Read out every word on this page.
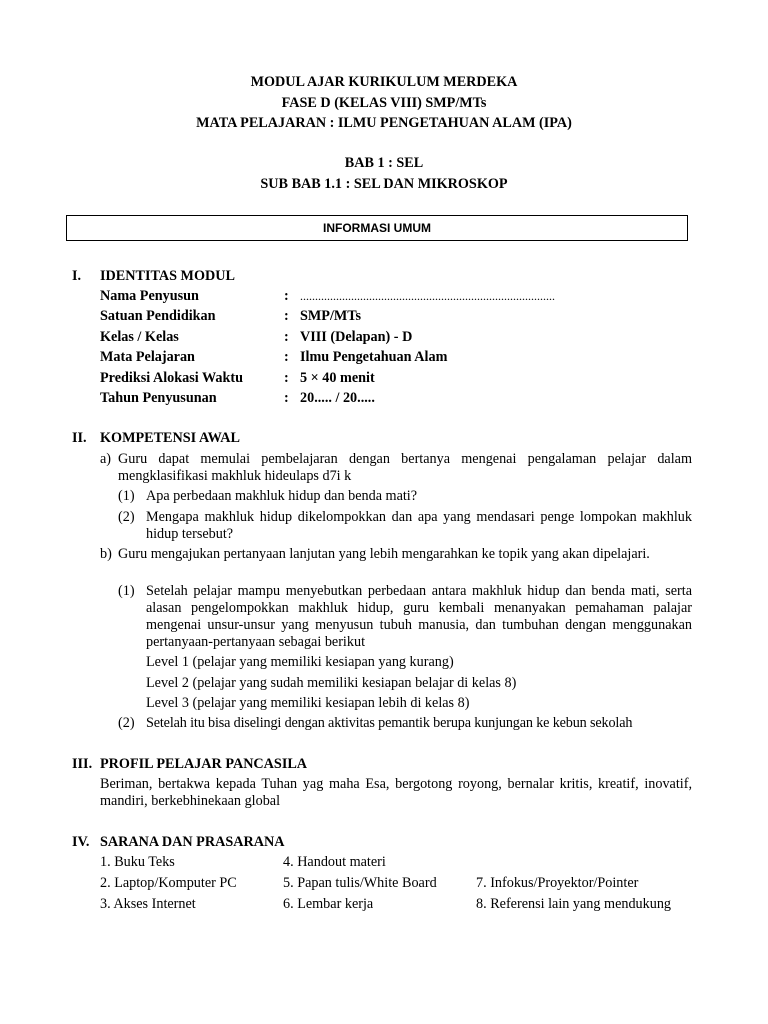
MODUL AJAR KURIKULUM MERDEKA
FASE D (KELAS VIII) SMP/MTs
MATA PELAJARAN : ILMU PENGETAHUAN ALAM (IPA)
BAB 1 : SEL
SUB BAB 1.1 : SEL DAN MIKROSKOP
INFORMASI UMUM
I. IDENTITAS MODUL
Nama Penyusun	: .....................................................................................
Satuan Pendidikan	: SMP/MTs
Kelas / Kelas	: VIII (Delapan) - D
Mata Pelajaran	: Ilmu Pengetahuan Alam
Prediksi Alokasi Waktu	: 5 × 40 menit
Tahun Penyusunan	: 20..... / 20.....
II. KOMPETENSI AWAL
a) Guru dapat memulai pembelajaran dengan bertanya mengenai pengalaman pelajar dalam mengklasifikasi makhluk hideulaps d7i k
(1) Apa perbedaan makhluk hidup dan benda mati?
(2) Mengapa makhluk hidup dikelompokkan dan apa yang mendasari penge lompokan makhluk hidup tersebut?
b) Guru mengajukan pertanyaan lanjutan yang lebih mengarahkan ke topik yang akan dipelajari.
(1) Setelah pelajar mampu menyebutkan perbedaan antara makhluk hidup dan benda mati, serta alasan pengelompokkan makhluk hidup, guru kembali menanyakan pemahaman palajar mengenai unsur-unsur yang menyusun tubuh manusia, dan tumbuhan dengan menggunakan pertanyaan-pertanyaan sebagai berikut
Level 1 (pelajar yang memiliki kesiapan yang kurang)
Level 2 (pelajar yang sudah memiliki kesiapan belajar di kelas 8)
Level 3 (pelajar yang memiliki kesiapan lebih di kelas 8)
(2) Setelah itu bisa diselingi dengan aktivitas pemantik berupa kunjungan ke kebun sekolah
III. PROFIL PELAJAR PANCASILA
Beriman, bertakwa kepada Tuhan yag maha Esa, bergotong royong, bernalar kritis, kreatif, inovatif, mandiri, berkebhinekaan global
IV. SARANA DAN PRASARANA
1. Buku Teks
2. Laptop/Komputer PC
3. Akses Internet
4. Handout materi
5. Papan tulis/White Board
6. Lembar kerja
7. Infokus/Proyektor/Pointer
8. Referensi lain yang mendukung
